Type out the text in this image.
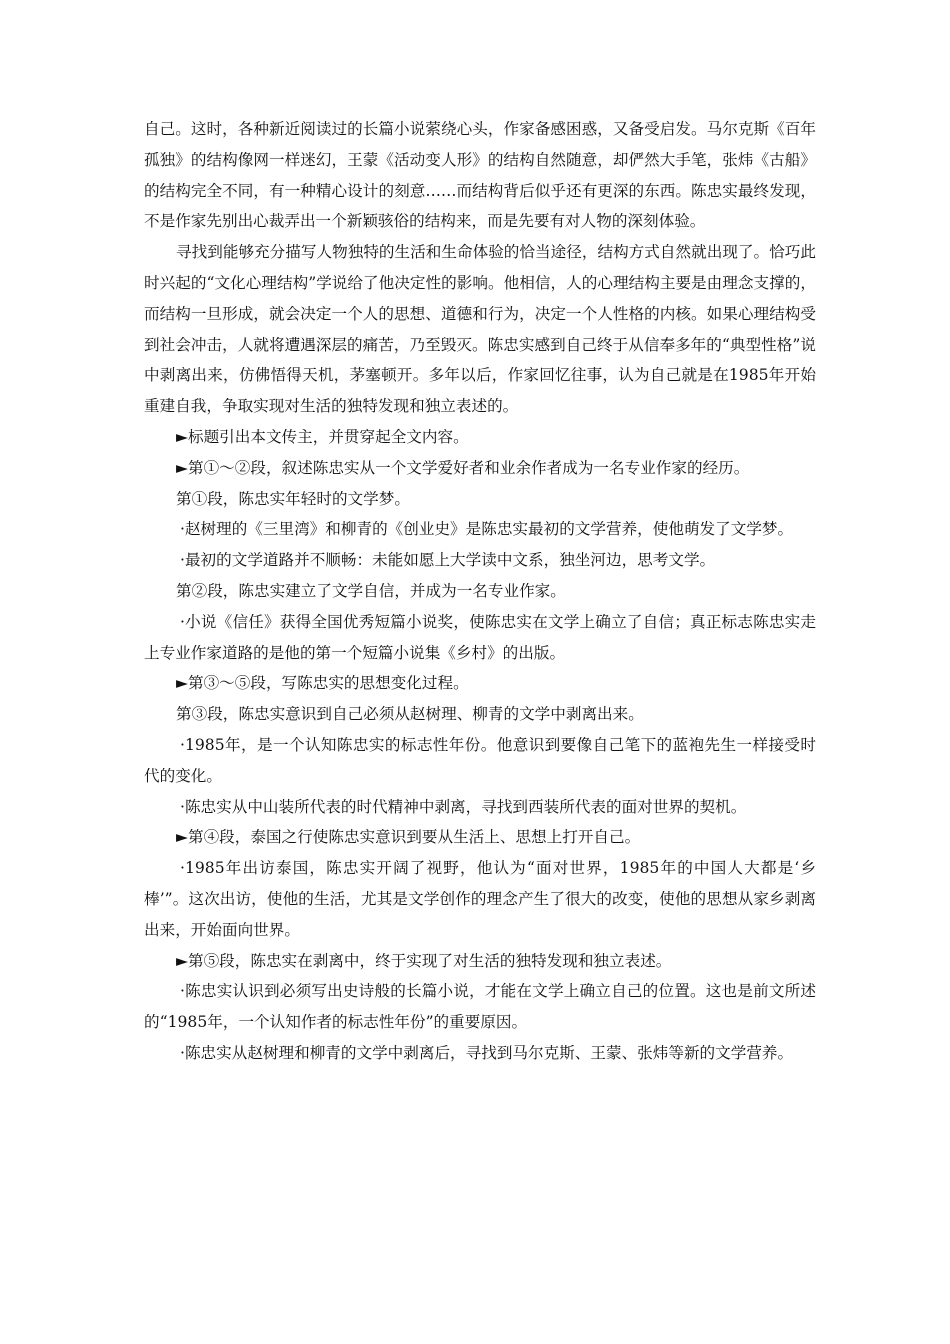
自己。这时，各种新近阅读过的长篇小说萦绕心头，作家备感困惑，又备受启发。马尔克斯《百年孤独》的结构像网一样迷幻，王蒙《活动变人形》的结构自然随意，却俨然大手笔，张炜《古船》的结构完全不同，有一种精心设计的刻意……而结构背后似乎还有更深的东西。陈忠实最终发现，不是作家先别出心裁弄出一个新颖骇俗的结构来，而是先要有对人物的深刻体验。

寻找到能够充分描写人物独特的生活和生命体验的恰当途径，结构方式自然就出现了。恰巧此时兴起的“文化心理结构”学说给了他决定性的影响。他相信，人的心理结构主要是由理念支撑的，而结构一旦形成，就会决定一个人的思想、道德和行为，决定一个人性格的内核。如果心理结构受到社会冲击，人就将遭遇深层的痛苦，乃至毁灭。陈忠实感到自己终于从信奉多年的“典型性格”说中剥离出来，仿佛悟得天机，茅塞顿开。多年以后，作家回忆往事，认为自己就是在1985年开始重建自我，争取实现对生活的独特发现和独立表述的。

►标题引出本文传主，并贯穿起全文内容。

►第①～②段，叙述陈忠实从一个文学爱好者和业余作者成为一名专业作家的经历。

第①段，陈忠实年轻时的文学梦。

·赵树理的《三里湾》和柳青的《创业史》是陈忠实最初的文学营养，使他萌发了文学梦。

·最初的文学道路并不顺畅：未能如愿上大学读中文系，独坐河边，思考文学。

第②段，陈忠实建立了文学自信，并成为一名专业作家。

·小说《信任》获得全国优秀短篇小说奖，使陈忠实在文学上确立了自信；真正标志陈忠实走上专业作家道路的是他的第一个短篇小说集《乡村》的出版。

►第③～⑤段，写陈忠实的思想变化过程。

第③段，陈忠实意识到自己必须从赵树理、柳青的文学中剥离出来。

·1985年，是一个认知陈忠实的标志性年份。他意识到要像自己笔下的蓝袍先生一样接受时代的变化。

·陈忠实从中山装所代表的时代精神中剥离，寻找到西装所代表的面对世界的契机。

►第④段，泰国之行使陈忠实意识到要从生活上、思想上打开自己。

·1985年出访泰国，陈忠实开阔了视野，他认为“面对世界，1985年的中国人大都是‘乡棒’”。这次出访，使他的生活，尤其是文学创作的理念产生了很大的改变，使他的思想从家乡剥离出来，开始面向世界。

►第⑤段，陈忠实在剥离中，终于实现了对生活的独特发现和独立表述。

·陈忠实认识到必须写出史诗般的长篇小说，才能在文学上确立自己的位置。这也是前文所述的“1985年，一个认知作者的标志性年份”的重要原因。

·陈忠实从赵树理和柳青的文学中剥离后，寻找到马尔克斯、王蒙、张炜等新的文学营养。
